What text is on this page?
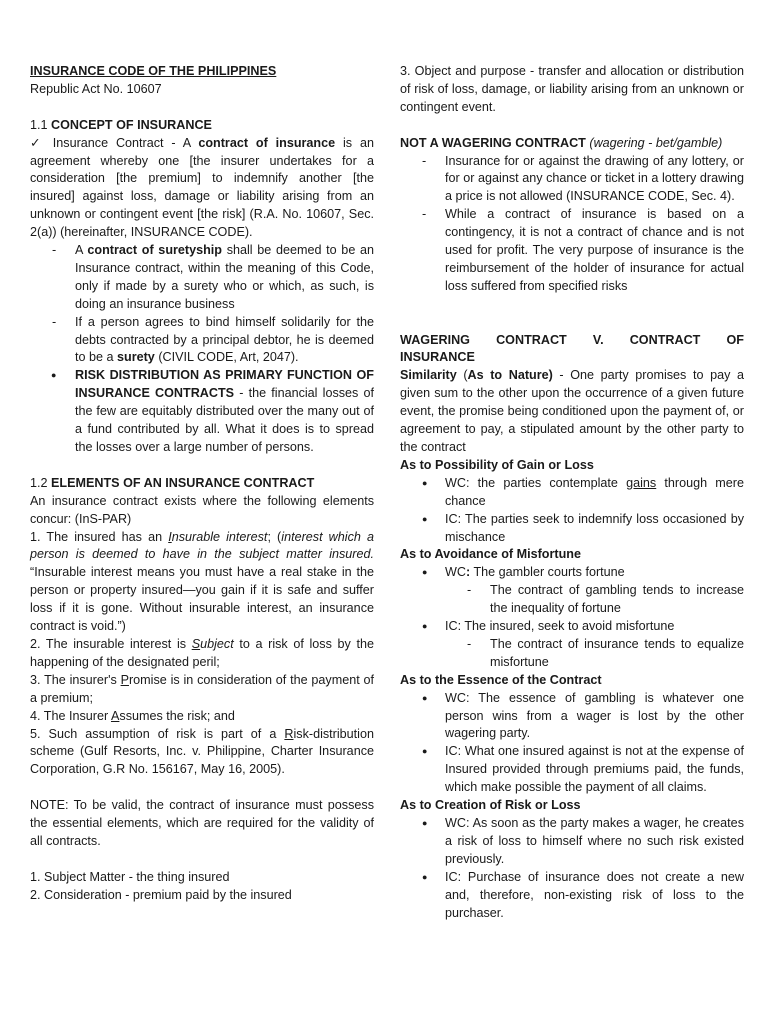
INSURANCE CODE OF THE PHILIPPINES

Republic Act No. 10607

1.1 CONCEPT OF INSURANCE

✓ Insurance Contract - A contract of insurance is an agreement whereby one [the insurer undertakes for a consideration [the premium] to indemnify another [the insured] against loss, damage or liability arising from an unknown or contingent event [the risk] (R.A. No. 10607, Sec. 2(a)) (hereinafter, INSURANCE CODE).

- A contract of suretyship shall be deemed to be an Insurance contract, within the meaning of this Code, only if made by a surety who or which, as such, is doing an insurance business
- If a person agrees to bind himself solidarily for the debts contracted by a principal debtor, he is deemed to be a surety (CIVIL CODE, Art, 2047).
● RISK DISTRIBUTION AS PRIMARY FUNCTION OF INSURANCE CONTRACTS - the financial losses of the few are equitably distributed over the many out of a fund contributed by all. What it does is to spread the losses over a large number of persons.

1.2 ELEMENTS OF AN INSURANCE CONTRACT

An insurance contract exists where the following elements concur: (InS-PAR)

1. The insured has an Insurable interest; (interest which a person is deemed to have in the subject matter insured. “Insurable interest means you must have a real stake in the person or property insured—you gain if it is safe and suffer loss if it is gone. Without insurable interest, an insurance contract is void.”)

2. The insurable interest is Subject to a risk of loss by the happening of the designated peril;

3. The insurer's Promise is in consideration of the payment of a premium;

4. The Insurer Assumes the risk; and

5. Such assumption of risk is part of a Risk-distribution scheme (Gulf Resorts, Inc. v. Philippine, Charter Insurance Corporation, G.R No. 156167, May 16, 2005).

NOTE: To be valid, the contract of insurance must possess the essential elements, which are required for the validity of all contracts.

1. Subject Matter - the thing insured

2. Consideration - premium paid by the insured

3. Object and purpose - transfer and allocation or distribution of risk of loss, damage, or liability arising from an unknown or contingent event.

NOT A WAGERING CONTRACT (wagering - bet/gamble)

- Insurance for or against the drawing of any lottery, or for or against any chance or ticket in a lottery drawing a price is not allowed (INSURANCE CODE, Sec. 4).
- While a contract of insurance is based on a contingency, it is not a contract of chance and is not used for profit. The very purpose of insurance is the reimbursement of the holder of insurance for actual loss suffered from specified risks

WAGERING CONTRACT V. CONTRACT OF

INSURANCE

Similarity (As to Nature) - One party promises to pay a given sum to the other upon the occurrence of a given future event, the promise being conditioned upon the payment of, or agreement to pay, a stipulated amount by the other party to the contract

As to Possibility of Gain or Loss

● WC: the parties contemplate gains through mere chance
● IC: The parties seek to indemnify loss occasioned by mischance

As to Avoidance of Misfortune

● WC: The gambler courts fortune
- The contract of gambling tends to increase the inequality of fortune
● IC: The insured, seek to avoid misfortune
- The contract of insurance tends to equalize misfortune

As to the Essence of the Contract

● WC: The essence of gambling is whatever one person wins from a wager is lost by the other wagering party.
● IC: What one insured against is not at the expense of Insured provided through premiums paid, the funds, which make possible the payment of all claims.

As to Creation of Risk or Loss

● WC: As soon as the party makes a wager, he creates a risk of loss to himself where no such risk existed previously.
● IC: Purchase of insurance does not create a new and, therefore, non-existing risk of loss to the purchaser.
